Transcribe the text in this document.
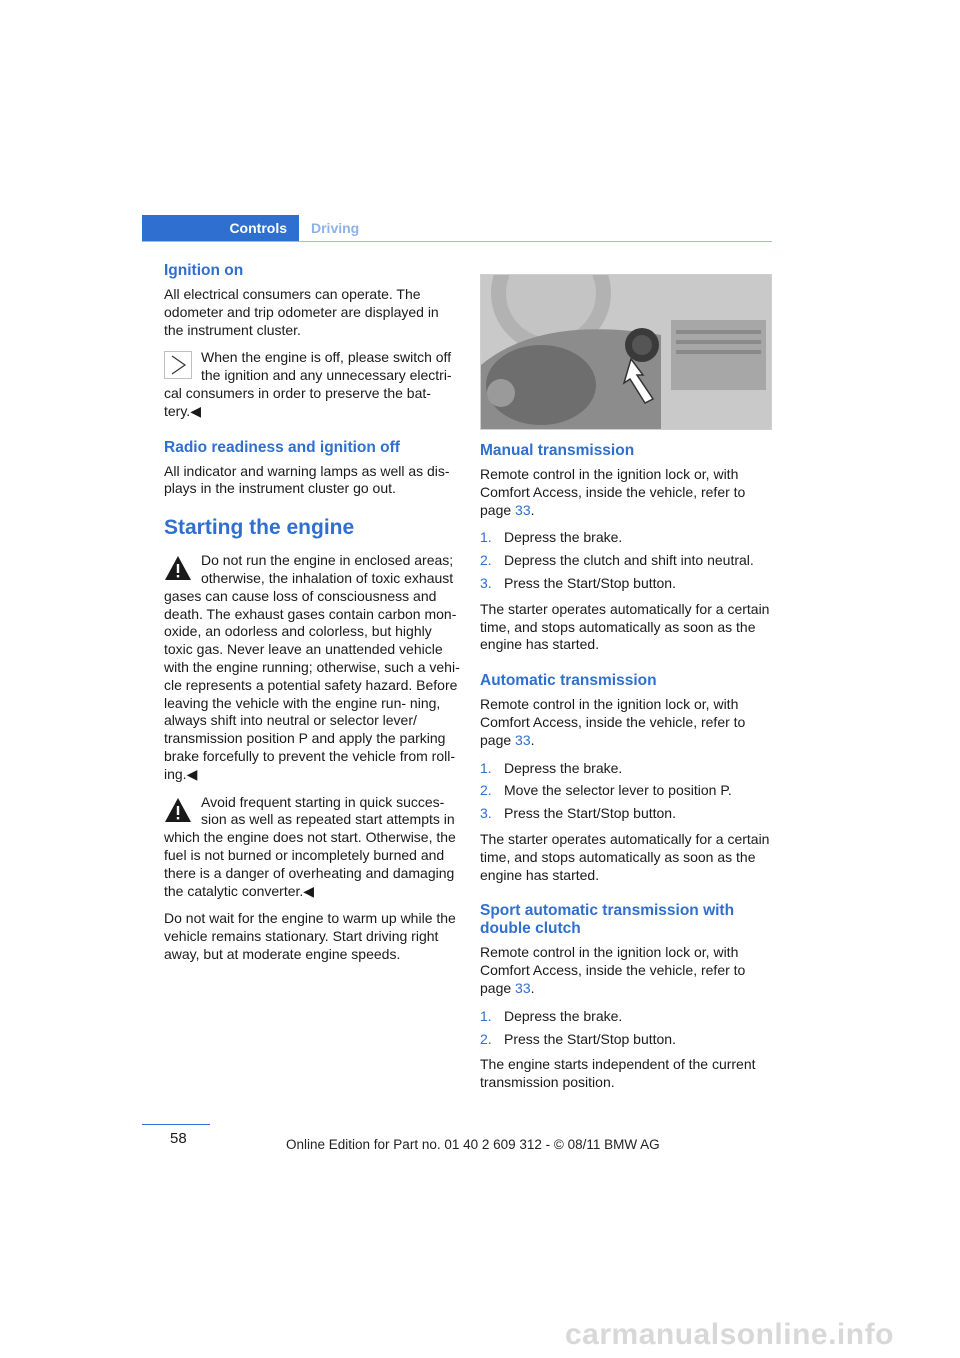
Controls	Driving
Ignition on

All electrical consumers can operate. The odometer and trip odometer are displayed in the instrument cluster.

When the engine is off, please switch off the ignition and any unnecessary electri-
cal consumers in order to preserve the bat- tery.◀

Radio readiness and ignition off

All indicator and warning lamps as well as dis- plays in the instrument cluster go out.

Starting the engine

Do not run the engine in enclosed areas; otherwise, the inhalation of toxic exhaust
gases can cause loss of consciousness and death. The exhaust gases contain carbon mon- oxide, an odorless and colorless, but highly toxic gas. Never leave an unattended vehicle with the engine running; otherwise, such a vehi- cle represents a potential safety hazard. Before leaving the vehicle with the engine run- ning, always shift into neutral or selector lever/ transmission position P and apply the parking brake forcefully to prevent the vehicle from roll- ing.◀

Avoid frequent starting in quick succes- sion as well as repeated start attempts in
which the engine does not start. Otherwise, the fuel is not burned or incompletely burned and there is a danger of overheating and damaging the catalytic converter.◀

Do not wait for the engine to warm up while the vehicle remains stationary. Start driving right away, but at moderate engine speeds.

Manual transmission

Remote control in the ignition lock or, with Comfort Access, inside the vehicle, refer to page 33.

1. Depress the brake.
2. Depress the clutch and shift into neutral.
3. Press the Start/Stop button.

The starter operates automatically for a certain time, and stops automatically as soon as the engine has started.

Automatic transmission

Remote control in the ignition lock or, with Comfort Access, inside the vehicle, refer to page 33.

1. Depress the brake.
2. Move the selector lever to position P.
3. Press the Start/Stop button.

The starter operates automatically for a certain time, and stops automatically as soon as the engine has started.

Sport automatic transmission with double clutch

Remote control in the ignition lock or, with Comfort Access, inside the vehicle, refer to page 33.

1. Depress the brake.
2. Press the Start/Stop button.

The engine starts independent of the current transmission position.

58	Online Edition for Part no. 01 40 2 609 312 - © 08/11 BMW AG
carmanualsonline.info
